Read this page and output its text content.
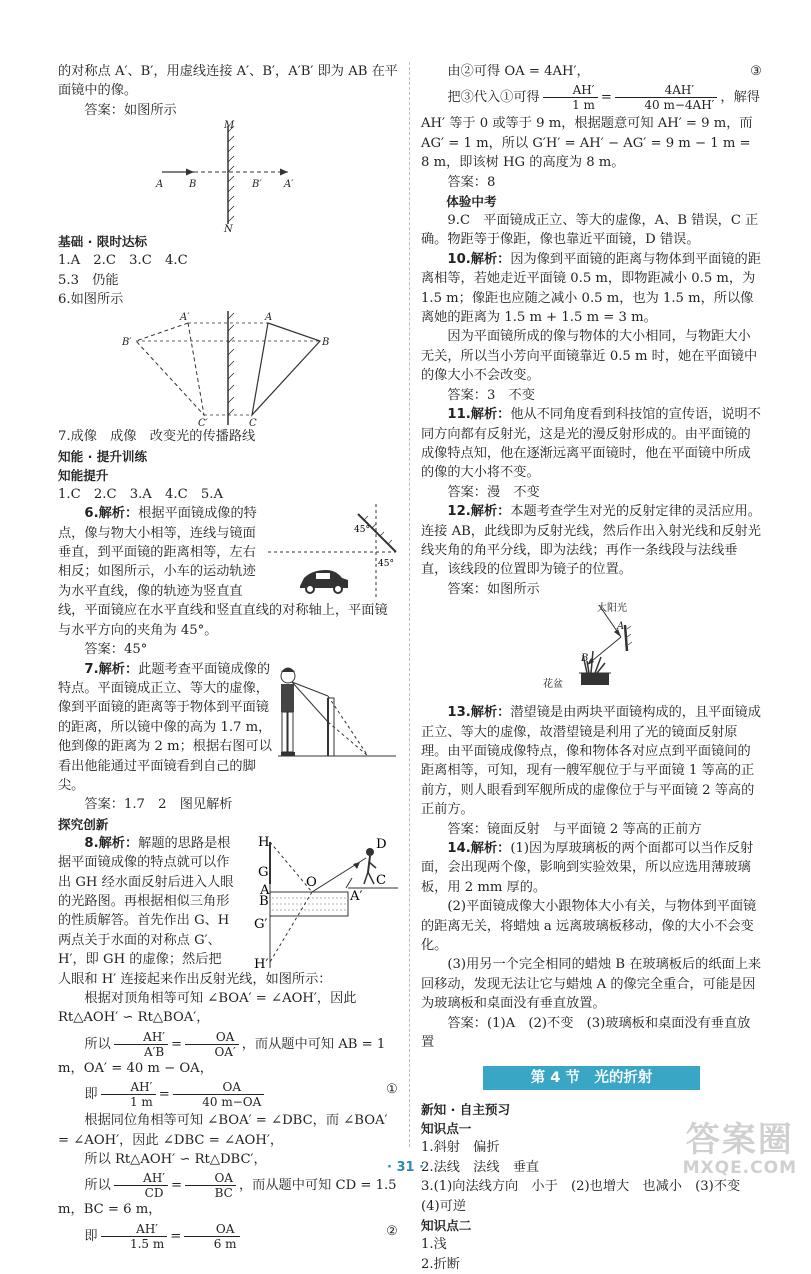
的对称点 A′、B′，用虚线连接 A′、B′，A′B′ 即为 AB 在平面镜中的像。

答案：如图所示

M
N
A	B	B′ A′

基础 · 限时达标

1.A　2.C　3.C　4.C

5.3　仍能

6.如图所示

A′	A
B′	B
C′	C

7.成像　成像　改变光的传播路线

知能 · 提升训练

知能提升

1.C　2.C　3.A　4.C　5.A

45°
45°

6.解析：根据平面镜成像的特点，像与物大小相等，连线与镜面垂直，到平面镜的距离相等，左右相反；如图所示，小车的运动轨迹为水平直线，像的轨迹为竖直直线，平面镜应在水平直线和竖直直线的对称轴上，平面镜与水平方向的夹角为 45°。

答案：45°

7.解析：此题考查平面镜成像的特点。平面镜成正立、等大的虚像，像到平面镜的距离等于物体到平面镜的距离，所以镜中像的高为 1.7 m，他到像的距离为 2 m；根据右图可以看出他能通过平面镜看到自己的脚尖。

答案：1.7　2　图见解析

探究创新

H
G
A
B
G′
H′
O
A′
C
D

8.解析：解题的思路是根据平面镜成像的特点就可以作出 GH 经水面反射后进入人眼的光路图。再根据相似三角形的性质解答。首先作出 G、H 两点关于水面的对称点 G′、H′，即 GH 的虚像；然后把人眼和 H′ 连接起来作出反射光线，如图所示：

根据对顶角相等可知 ∠BOA′ = ∠AOH′，因此 Rt△AOH′ ∽ Rt△BOA′，

所以 $\frac{AH'}{A'B} = \frac{OA}{OA'}$ ，而从题中可知 AB = 1 m，OA′ = 40 m − OA，

即 $\frac{AH'}{1 m} = \frac{OA}{40 m-OA}$	①

根据同位角相等可知 ∠BOA′ = ∠DBC，而 ∠BOA′ = ∠AOH′，因此 ∠DBC = ∠AOH′，

所以 Rt△AOH′ ∽ Rt△DBC′，

所以 $\frac{AH'}{CD} = \frac{OA}{BC}$ ，而从题中可知 CD = 1.5 m，BC = 6 m，

即 $\frac{AH'}{1.5 m} = \frac{OA}{6 m}$	②

由②可得 OA = 4AH′，	③

把③代入①可得 $\frac{AH'}{1 m} = \frac{4AH'}{40 m-4AH'}$ ，解得

AH′ 等于 0 或等于 9 m，根据题意可知 AH′ = 9 m，而 AG′ = 1 m，所以 G′H′ = AH′ − AG′ = 9 m − 1 m = 8 m，即该树 HG 的高度为 8 m。

答案：8

体验中考

9.C　平面镜成正立、等大的虚像，A、B 错误，C 正确。物距等于像距，像也靠近平面镜，D 错误。

10.解析：因为像到平面镜的距离与物体到平面镜的距离相等，若她走近平面镜 0.5 m，即物距减小 0.5 m，为 1.5 m；像距也应随之减小 0.5 m，也为 1.5 m，所以像离她的距离为 1.5 m + 1.5 m = 3 m。

因为平面镜所成的像与物体的大小相同，与物距大小无关，所以当小芳向平面镜靠近 0.5 m 时，她在平面镜中的像大小不会改变。

答案：3　不变

11.解析：他从不同角度看到科技馆的宣传语，说明不同方向都有反射光，这是光的漫反射形成的。由平面镜的成像特点知，他在逐渐远离平面镜时，他在平面镜中所成的像的大小将不变。

答案：漫　不变

12.解析：本题考查学生对光的反射定律的灵活应用。连接 AB，此线即为反射光线，然后作出入射光线和反射光线夹角的角平分线，即为法线；再作一条线段与法线垂直，该线段的位置即为镜子的位置。

答案：如图所示

太阳光
A
B
花盆

13.解析：潜望镜是由两块平面镜构成的，且平面镜成正立、等大的虚像，故潜望镜是利用了光的镜面反射原理。由平面镜成像特点，像和物体各对应点到平面镜间的距离相等，可知，现有一艘军舰位于与平面镜 1 等高的正前方，则人眼看到军舰所成的虚像位于与平面镜 2 等高的正前方。

答案：镜面反射　与平面镜 2 等高的正前方

14.解析：(1)因为厚玻璃板的两个面都可以当作反射面，会出现两个像，影响到实验效果，所以应选用薄玻璃板，用 2 mm 厚的。

(2)平面镜成像大小跟物体大小有关，与物体到平面镜的距离无关，将蜡烛 a 远离玻璃板移动，像的大小不会变化。

(3)用另一个完全相同的蜡烛 B 在玻璃板后的纸面上来回移动，发现无法让它与蜡烛 A 的像完全重合，可能是因为玻璃板和桌面没有垂直放置。

答案：(1)A　(2)不变　(3)玻璃板和桌面没有垂直放置

第 4 节　光的折射

新知 · 自主预习

知识点一

1.斜射　偏折

2.法线　法线　垂直

3.(1)向法线方向　小于　(2)也增大　也减小　(3)不变　(4)可逆

知识点二

1.浅

2.折断

· 31 ·
答案圈
MXQE.COM
